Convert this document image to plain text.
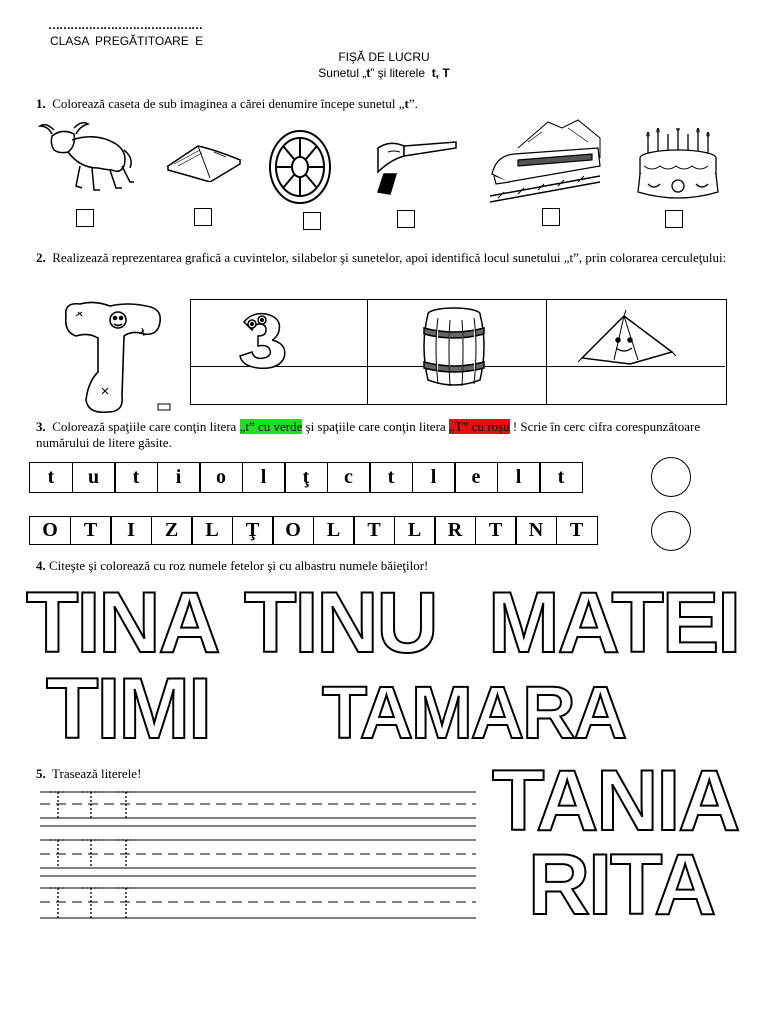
……………………………………
CLASA PREGĂTITOARE E
FIŞĂ DE LUCRU
Sunetul „t” şi literele t, T
1. Colorează caseta de sub imaginea a cărei denumire începe sunetul „t”.
2. Realizează reprezentarea grafică a cuvintelor, silabelor şi sunetelor, apoi identifică locul sunetului „t”, prin colorarea cerculeţului:
3. Colorează spaţiile care conţin litera „t” cu verde şi spaţiile care conţin litera „T” cu roşu ! Scrie în cerc cifra corespunzătoare numărului de litere găsite.
t	u	t	i	o	l	ţ	c	t	l	e	l	t
O	T	I	Z	L	Ţ	O	L	T	L	R	T	N	T
4. Citeşte şi colorează cu roz numele fetelor şi cu albastru numele băieţilor!
TINA TINU MATEI
TIMI TAMARA
TANIA
RITA
5. Trasează literele!
